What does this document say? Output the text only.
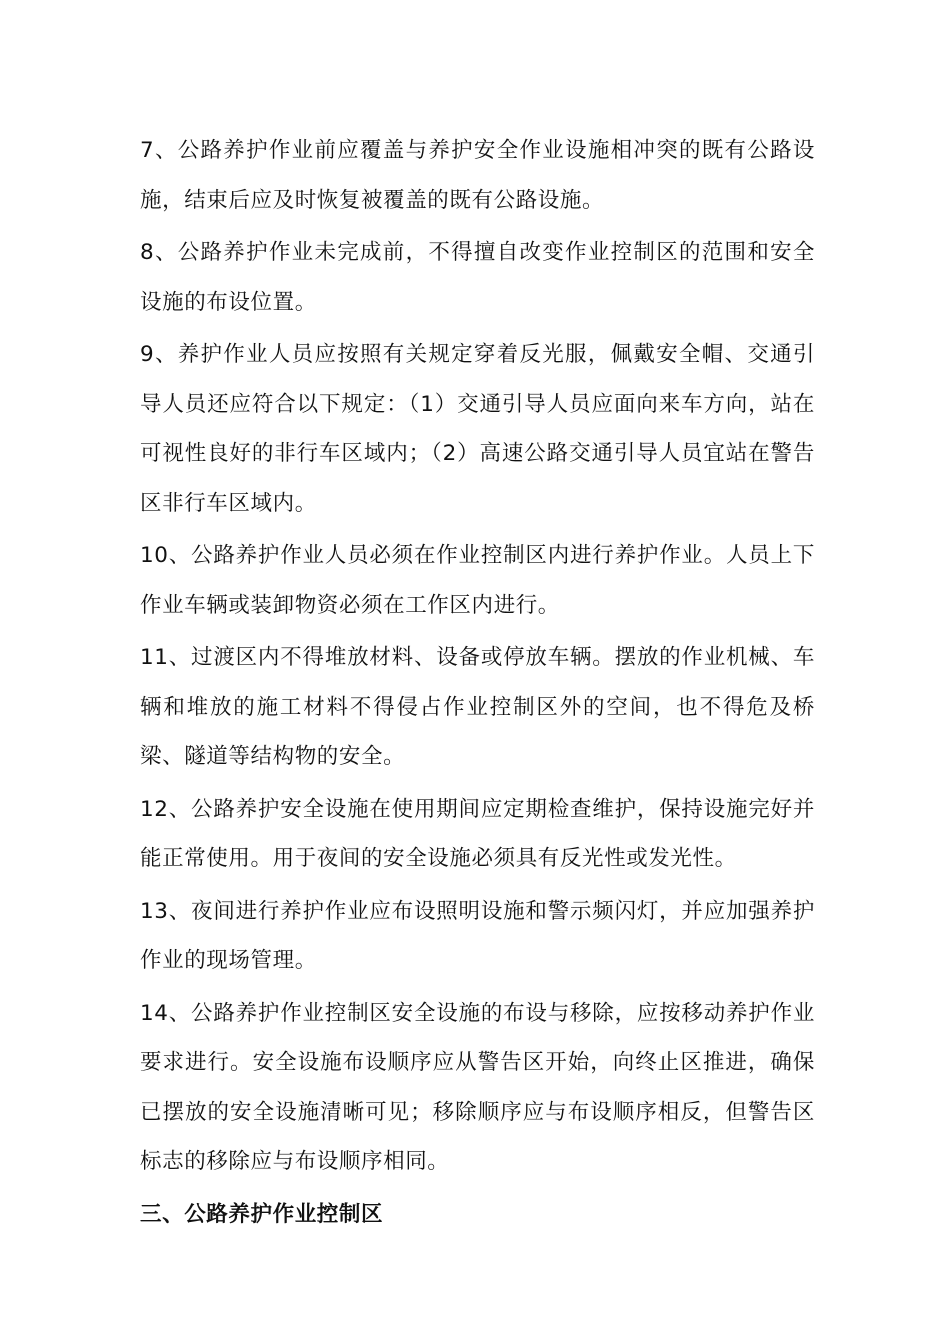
7、公路养护作业前应覆盖与养护安全作业设施相冲突的既有公路设施，结束后应及时恢复被覆盖的既有公路设施。

8、公路养护作业未完成前，不得擅自改变作业控制区的范围和安全设施的布设位置。

9、养护作业人员应按照有关规定穿着反光服，佩戴安全帽、交通引导人员还应符合以下规定：（1）交通引导人员应面向来车方向，站在可视性良好的非行车区域内；（2）高速公路交通引导人员宜站在警告区非行车区域内。

10、公路养护作业人员必须在作业控制区内进行养护作业。人员上下作业车辆或装卸物资必须在工作区内进行。

11、过渡区内不得堆放材料、设备或停放车辆。摆放的作业机械、车辆和堆放的施工材料不得侵占作业控制区外的空间，也不得危及桥梁、隧道等结构物的安全。

12、公路养护安全设施在使用期间应定期检查维护，保持设施完好并能正常使用。用于夜间的安全设施必须具有反光性或发光性。

13、夜间进行养护作业应布设照明设施和警示频闪灯，并应加强养护作业的现场管理。

14、公路养护作业控制区安全设施的布设与移除，应按移动养护作业要求进行。安全设施布设顺序应从警告区开始，向终止区推进，确保已摆放的安全设施清晰可见；移除顺序应与布设顺序相反，但警告区标志的移除应与布设顺序相同。

三、公路养护作业控制区
